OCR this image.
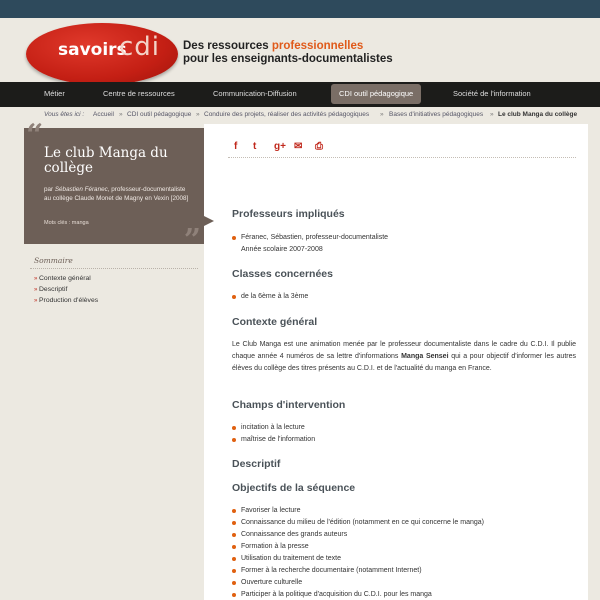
savoirs
cdi Des ressources professionnelles
pour les enseignants-documentalistes
Métier	Centre de ressources	Communication-Diffusion	CDI outil pédagogique	Société de l'information
Vous êtes ici : Accueil » CDI outil pédagogique » Conduire des projets, réaliser des activités pédagogiques » Bases d'initiatives pédagogiques » Le club Manga du collège
“ Le club Manga du collège
par Sébastien Féranec, professeur-documentaliste au collège Claude Monet de Magny en Vexin [2008]
Mots clés : manga	”
f t g+ ✉ ⎙
Sommaire
» Contexte général
» Descriptif
» Production d'élèves
Professeurs impliqués
Féranec, Sébastien, professeur-documentaliste
Année scolaire 2007-2008
Classes concernées
de la 6ème à la 3ème
Contexte général
Le Club Manga est une animation menée par le professeur documentaliste dans le cadre du C.D.I. Il publie chaque année 4 numéros de sa lettre d'informations Manga Sensei qui a pour objectif d'informer les autres élèves du collège des titres présents au C.D.I. et de l'actualité du manga en France.
Champs d'intervention
incitation à la lecture
maîtrise de l'information
Descriptif
Objectifs de la séquence
Favoriser la lecture
Connaissance du milieu de l'édition (notamment en ce qui concerne le manga)
Connaissance des grands auteurs
Formation à la presse
Utilisation du traitement de texte
Former à la recherche documentaire (notamment Internet)
Ouverture culturelle
Participer à la politique d'acquisition du C.D.I. pour les manga
